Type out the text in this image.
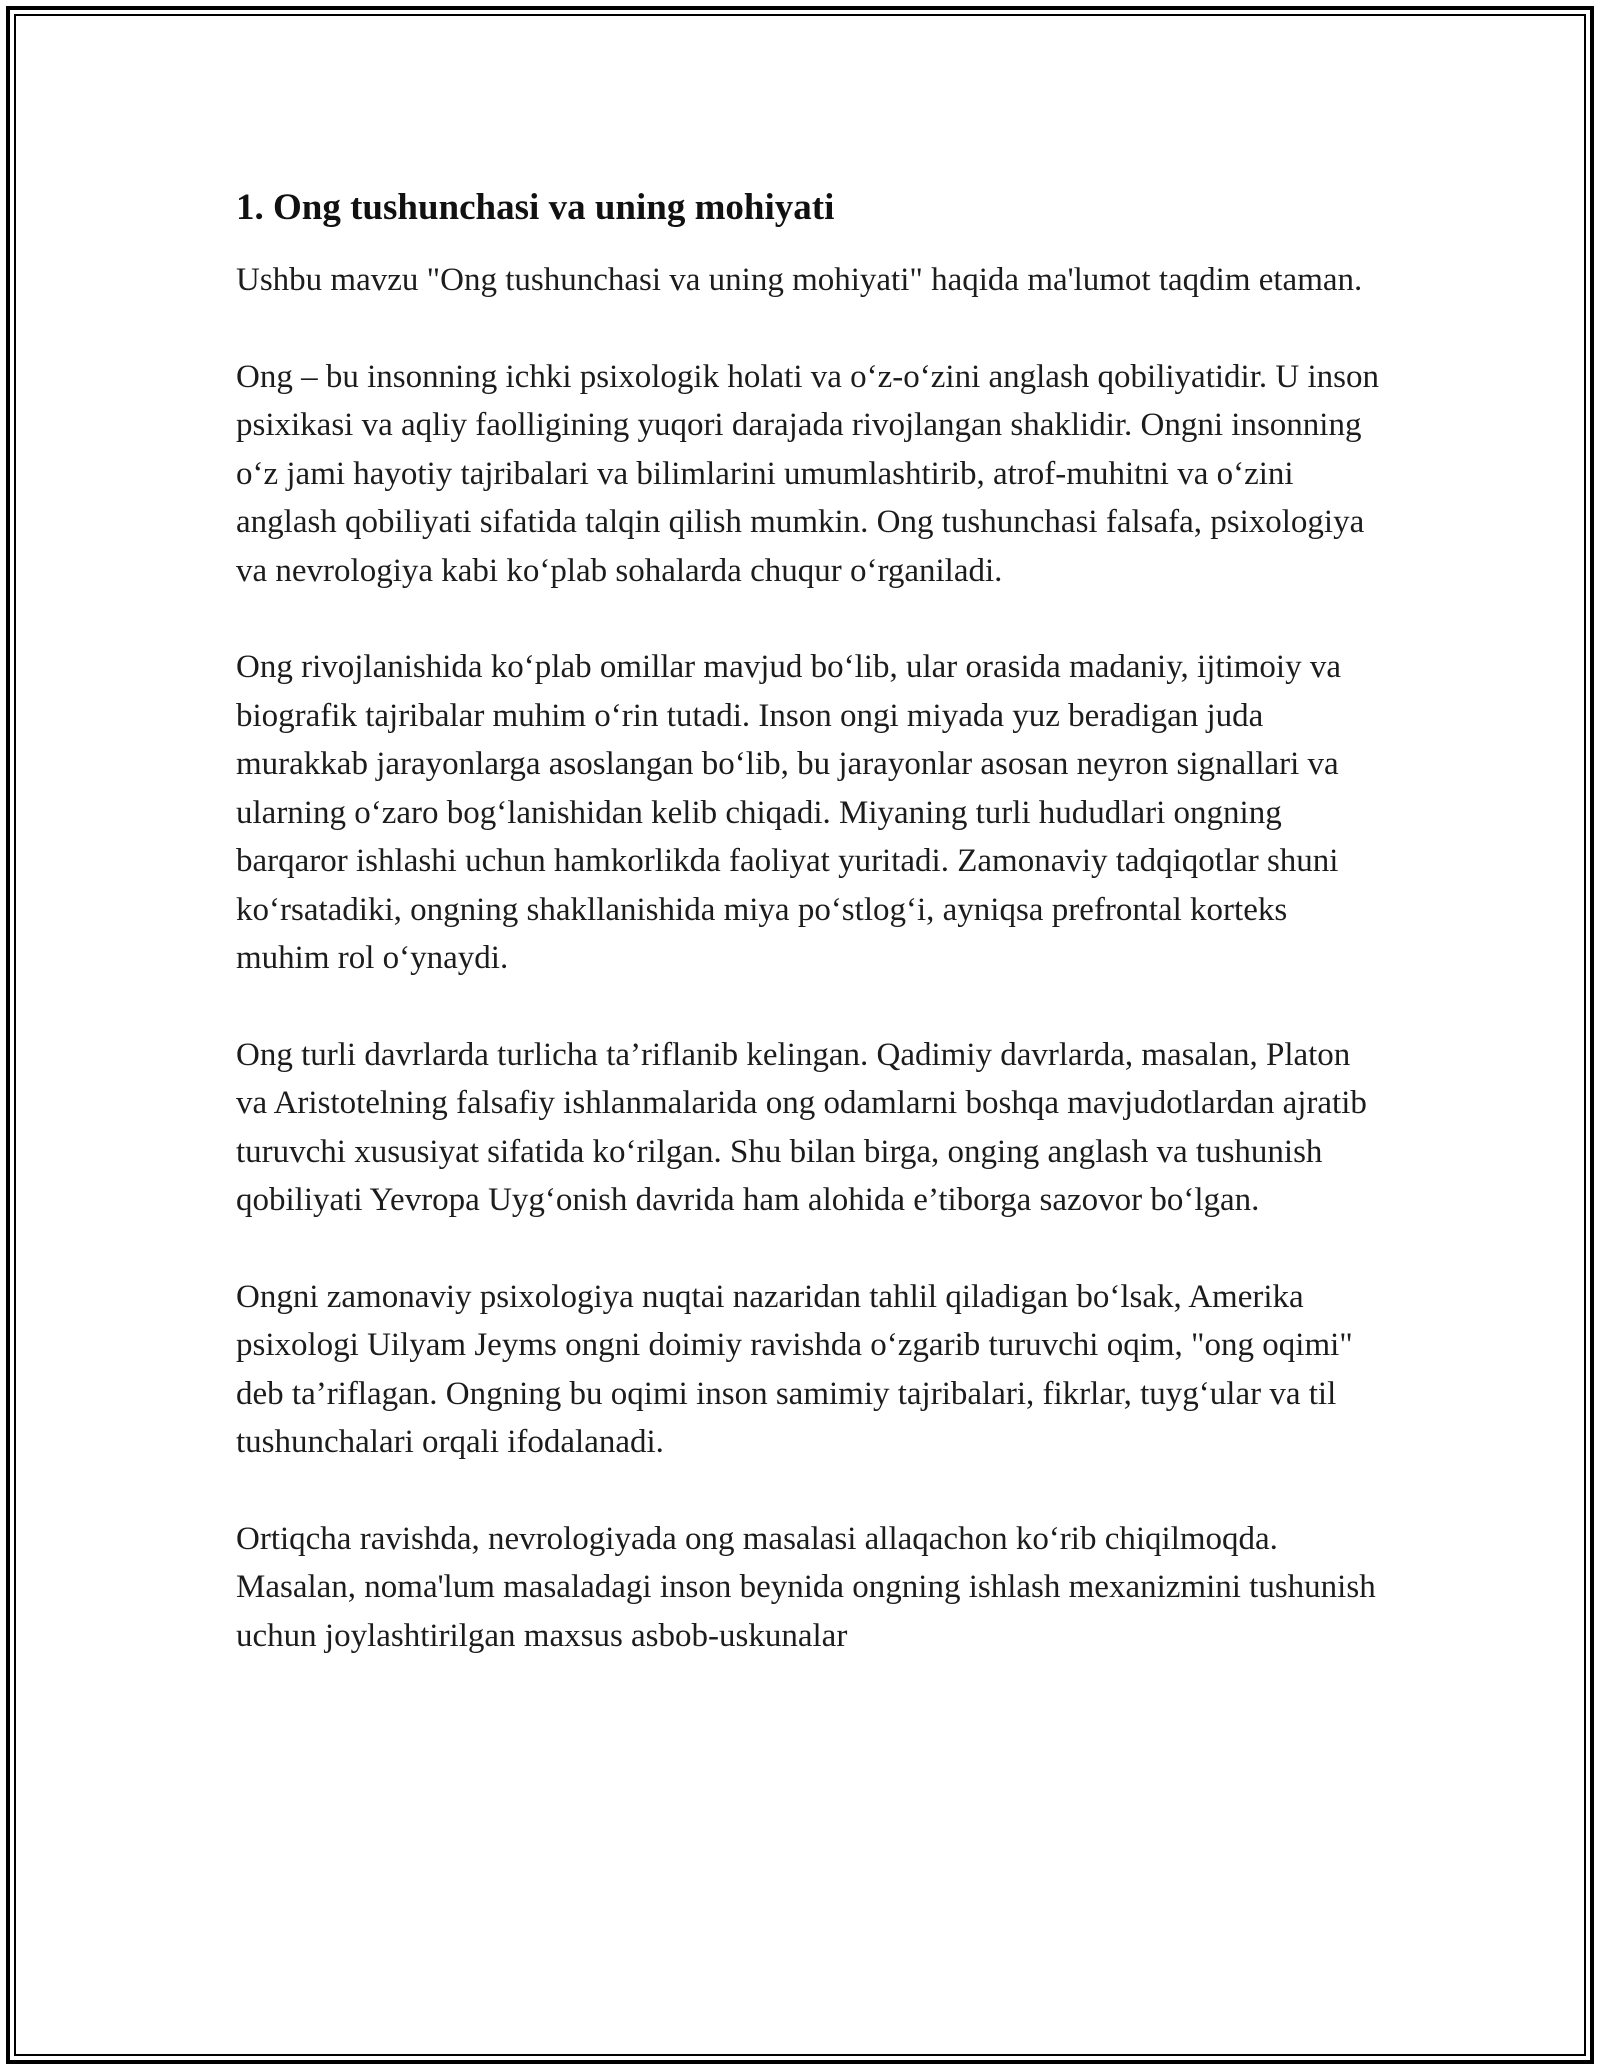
1. Ong tushunchasi va uning mohiyati

Ushbu mavzu "Ong tushunchasi va uning mohiyati" haqida ma'lumot taqdim etaman.

Ong – bu insonning ichki psixologik holati va o‘z-o‘zini anglash qobiliyatidir. U inson psixikasi va aqliy faolligining yuqori darajada rivojlangan shaklidir. Ongni insonning o‘z jami hayotiy tajribalari va bilimlarini umumlashtirib, atrof-muhitni va o‘zini anglash qobiliyati sifatida talqin qilish mumkin. Ong tushunchasi falsafa, psixologiya va nevrologiya kabi ko‘plab sohalarda chuqur o‘rganiladi.

Ong rivojlanishida ko‘plab omillar mavjud bo‘lib, ular orasida madaniy, ijtimoiy va biografik tajribalar muhim o‘rin tutadi. Inson ongi miyada yuz beradigan juda murakkab jarayonlarga asoslangan bo‘lib, bu jarayonlar asosan neyron signallari va ularning o‘zaro bog‘lanishidan kelib chiqadi. Miyaning turli hududlari ongning barqaror ishlashi uchun hamkorlikda faoliyat yuritadi. Zamonaviy tadqiqotlar shuni ko‘rsatadiki, ongning shakllanishida miya po‘stlog‘i, ayniqsa prefrontal korteks muhim rol o‘ynaydi.

Ong turli davrlarda turlicha ta’riflanib kelingan. Qadimiy davrlarda, masalan, Platon va Aristotelning falsafiy ishlanmalarida ong odamlarni boshqa mavjudotlardan ajratib turuvchi xususiyat sifatida ko‘rilgan. Shu bilan birga, onging anglash va tushunish qobiliyati Yevropa Uyg‘onish davrida ham alohida e’tiborga sazovor bo‘lgan.

Ongni zamonaviy psixologiya nuqtai nazaridan tahlil qiladigan bo‘lsak, Amerika psixologi Uilyam Jeyms ongni doimiy ravishda o‘zgarib turuvchi oqim, "ong oqimi" deb ta’riflagan. Ongning bu oqimi inson samimiy tajribalari, fikrlar, tuyg‘ular va til tushunchalari orqali ifodalanadi.

Ortiqcha ravishda, nevrologiyada ong masalasi allaqachon ko‘rib chiqilmoqda. Masalan, noma'lum masaladagi inson beynida ongning ishlash mexanizmini tushunish uchun joylashtirilgan maxsus asbob-uskunalar
